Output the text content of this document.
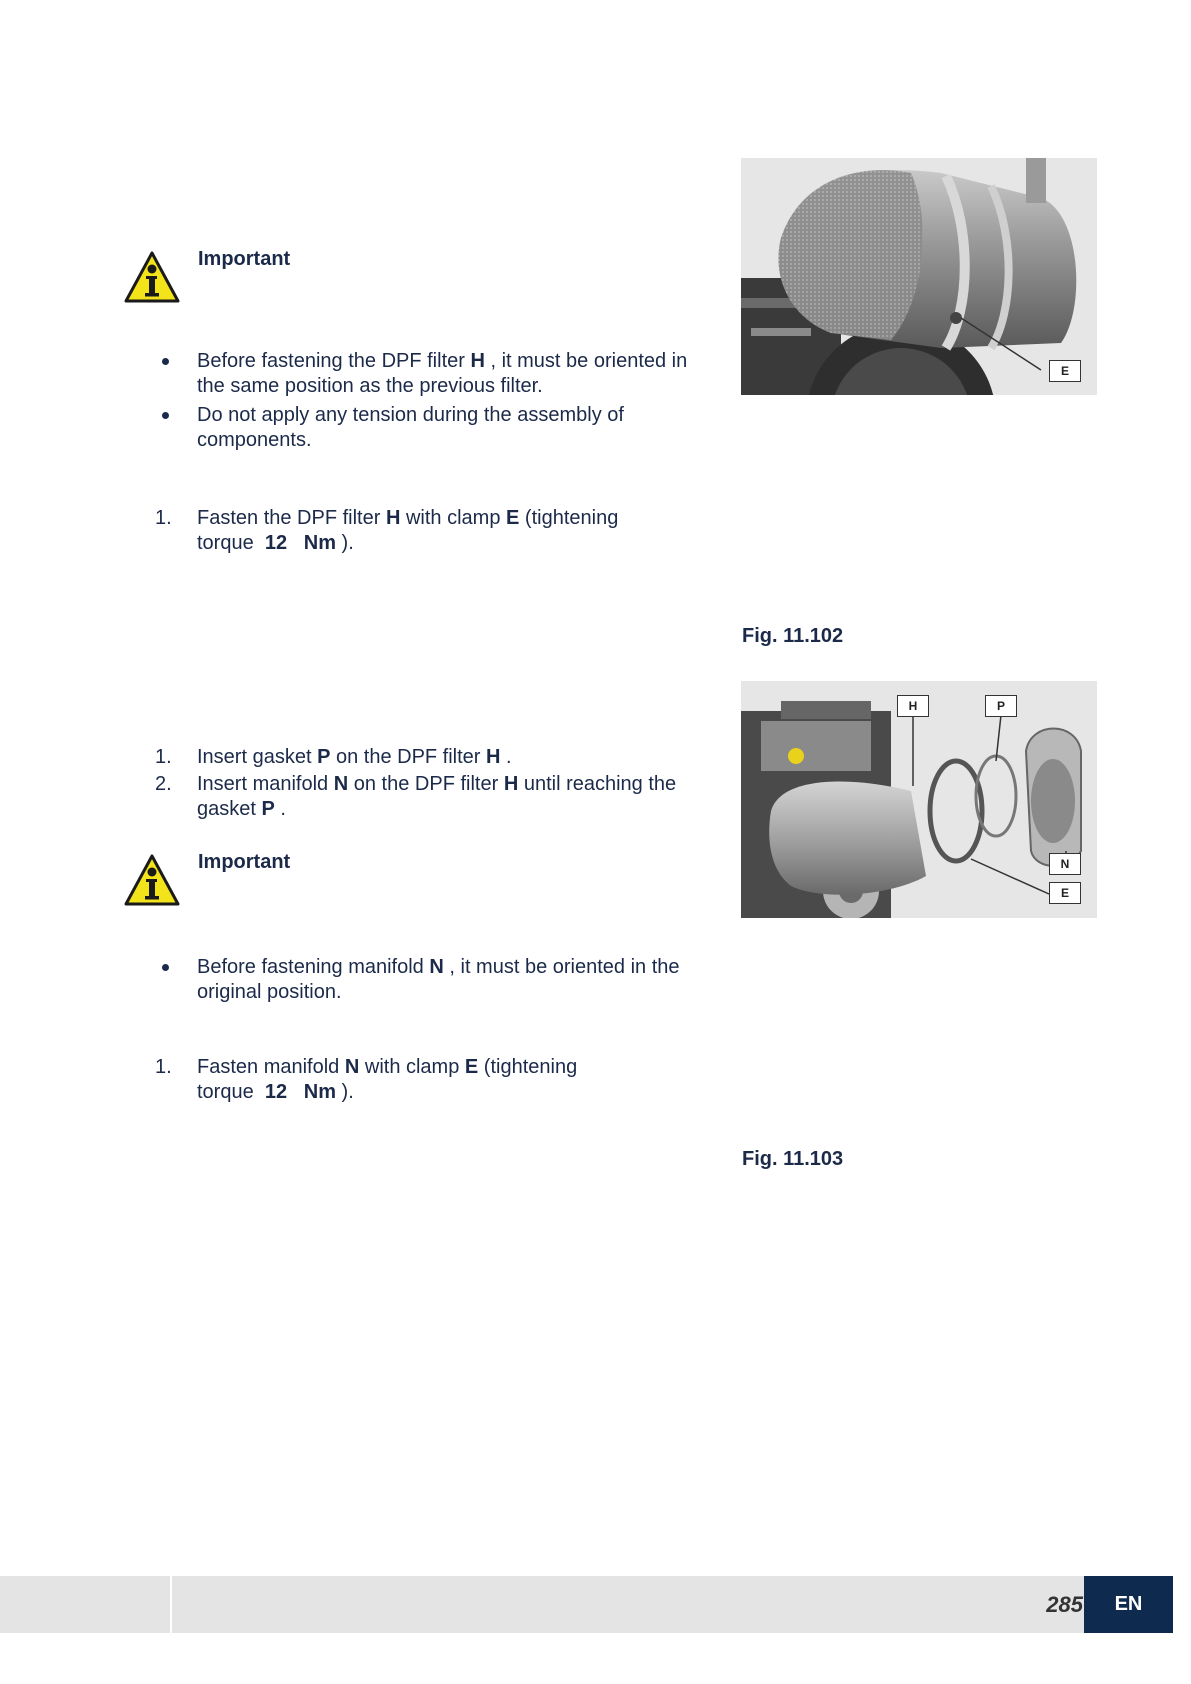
Important
Before fastening the DPF filter H , it must be oriented in the same position as the previous filter.
Do not apply any tension during the assembly of components.
1.	Fasten the DPF filter H with clamp E (tightening torque  12 Nm ).
E
Fig. 11.102
1.	Insert gasket P on the DPF filter H .
2.	Insert manifold N on the DPF filter H until reaching the gasket P .
Important
Before fastening manifold N , it must be oriented in the original position.
1.	Fasten manifold N with clamp E (tightening torque  12 Nm ).
H	P
N
E
Fig. 11.103
285	EN
